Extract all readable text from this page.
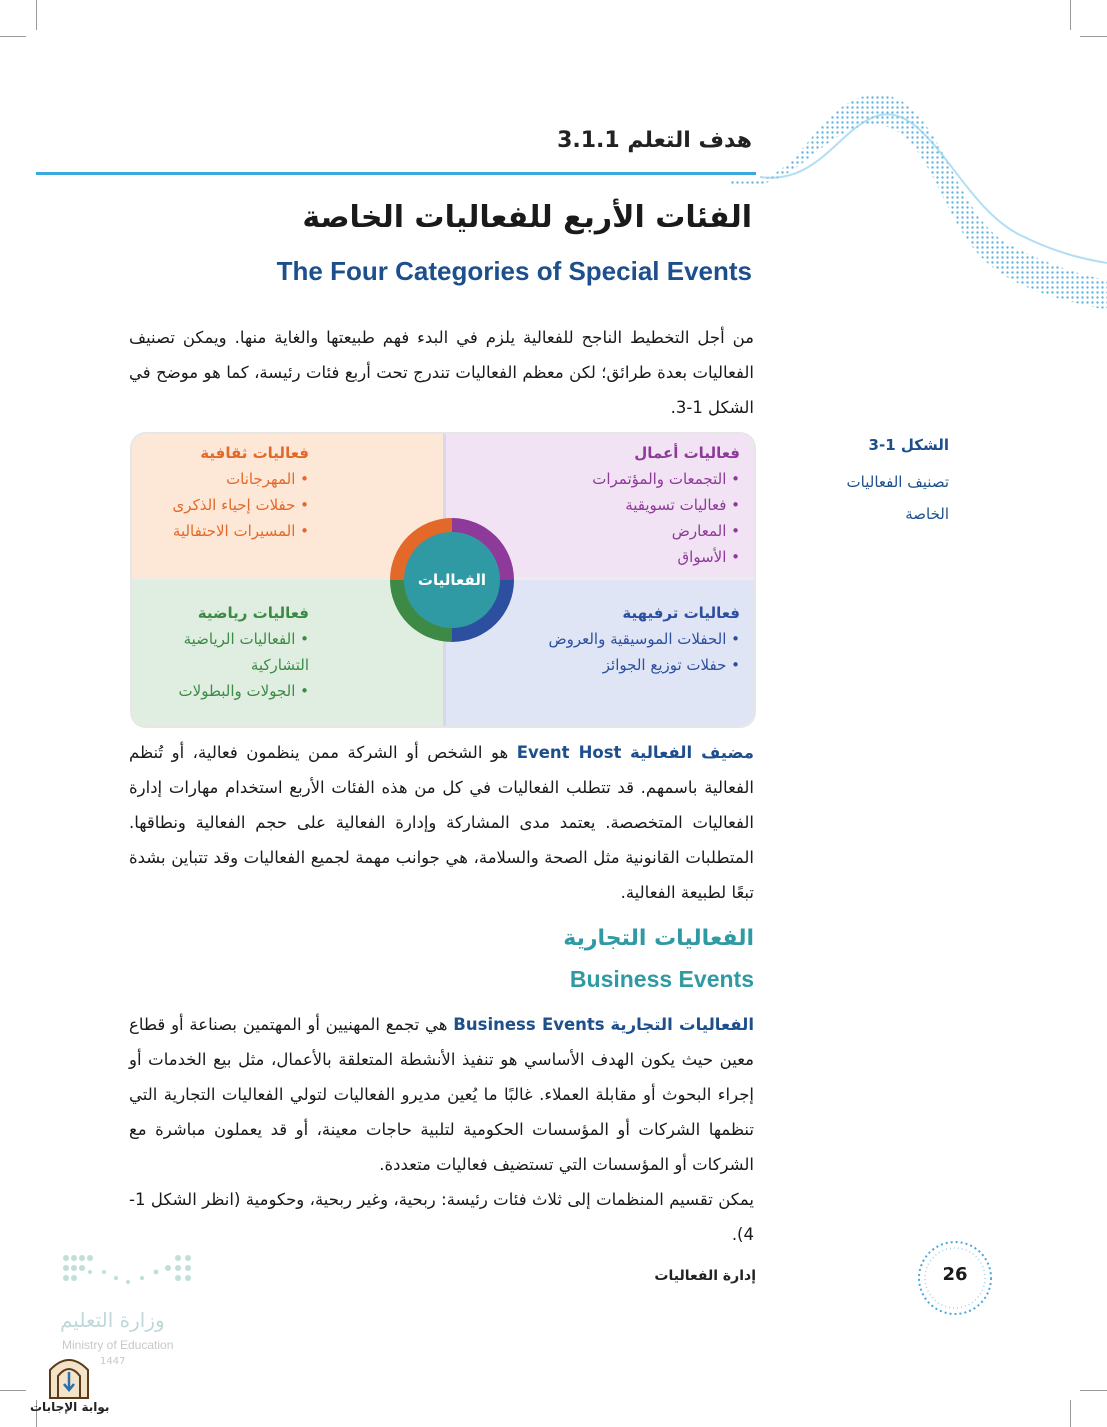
هدف التعلم 3.1.1
الفئات الأربع للفعاليات الخاصة
The Four Categories of Special Events
من أجل التخطيط الناجح للفعالية يلزم في البدء فهم طبيعتها والغاية منها. ويمكن تصنيف الفعاليات بعدة طرائق؛ لكن معظم الفعاليات تندرج تحت أربع فئات رئيسة، كما هو موضح في الشكل 1-3.
فعاليات أعمال
• التجمعات والمؤتمرات
• فعاليات تسويقية
• المعارض
• الأسواق
فعاليات ثقافية
• المهرجانات
• حفلات إحياء الذكرى
• المسيرات الاحتفالية
فعاليات ترفيهية
• الحفلات الموسيقية والعروض
• حفلات توزيع الجوائز
فعاليات رياضية
• الفعاليات الرياضية التشاركية
• الجولات والبطولات
الفعاليات
الشكل 1-3
تصنيف الفعاليات الخاصة
مضيف الفعالية Event Host هو الشخص أو الشركة ممن ينظمون فعالية، أو تُنظم الفعالية باسمهم. قد تتطلب الفعاليات في كل من هذه الفئات الأربع استخدام مهارات إدارة الفعاليات المتخصصة. يعتمد مدى المشاركة وإدارة الفعالية على حجم الفعالية ونطاقها. المتطلبات القانونية مثل الصحة والسلامة، هي جوانب مهمة لجميع الفعاليات وقد تتباين بشدة تبعًا لطبيعة الفعالية.
الفعاليات التجارية
Business Events
الفعاليات التجارية Business Events هي تجمع المهنيين أو المهتمين بصناعة أو قطاع معين حيث يكون الهدف الأساسي هو تنفيذ الأنشطة المتعلقة بالأعمال، مثل بيع الخدمات أو إجراء البحوث أو مقابلة العملاء. غالبًا ما يُعين مديرو الفعاليات لتولي الفعاليات التجارية التي تنظمها الشركات أو المؤسسات الحكومية لتلبية حاجات معينة، أو قد يعملون مباشرة مع الشركات أو المؤسسات التي تستضيف فعاليات متعددة.
يمكن تقسيم المنظمات إلى ثلاث فئات رئيسة: ربحية، وغير ربحية، وحكومية (انظر الشكل 1-4).
إدارة الفعاليات	26
وزارة التعليم
Ministry of Education
1447
بوابة الإجابات
